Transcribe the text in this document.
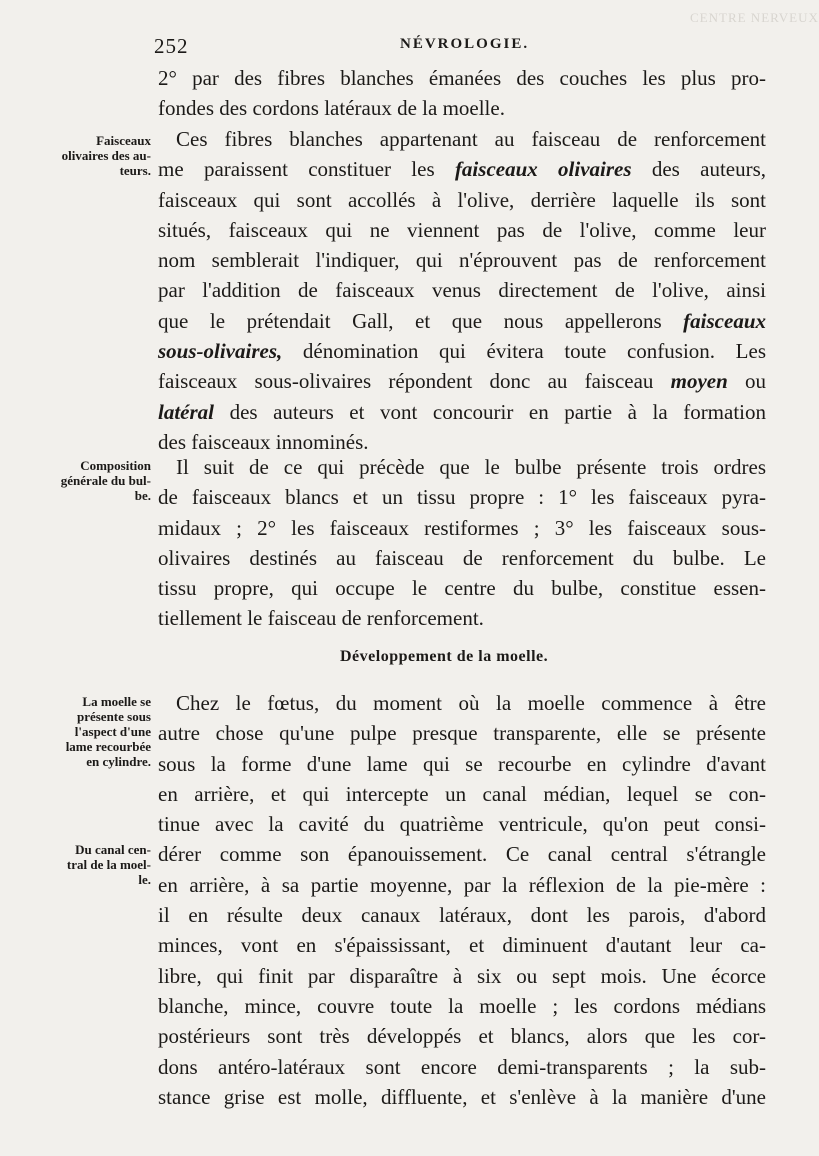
CENTRE NERVEUX
252	NÉVROLOGIE.
Faisceaux
olivaires des au-
teurs.
Composition
générale du bul-
be.
La moelle se
présente sous
l'aspect d'une
lame recourbée
en cylindre.
Du canal cen-
tral de la moel-
le.
2° par des fibres blanches émanées des couches les plus pro-
fondes des cordons latéraux de la moelle.
Ces fibres blanches appartenant au faisceau de renforcement
me paraissent constituer les faisceaux olivaires des auteurs,
faisceaux qui sont accollés à l'olive, derrière laquelle ils sont
situés, faisceaux qui ne viennent pas de l'olive, comme leur
nom semblerait l'indiquer, qui n'éprouvent pas de renforcement
par l'addition de faisceaux venus directement de l'olive, ainsi
que le prétendait Gall, et que nous appellerons faisceaux
sous-olivaires, dénomination qui évitera toute confusion. Les
faisceaux sous-olivaires répondent donc au faisceau moyen ou
latéral des auteurs et vont concourir en partie à la formation
des faisceaux innominés.
Il suit de ce qui précède que le bulbe présente trois ordres
de faisceaux blancs et un tissu propre : 1° les faisceaux pyra-
midaux ; 2° les faisceaux restiformes ; 3° les faisceaux sous-
olivaires destinés au faisceau de renforcement du bulbe. Le
tissu propre, qui occupe le centre du bulbe, constitue essen-
tiellement le faisceau de renforcement.
Développement de la moelle.
Chez le fœtus, du moment où la moelle commence à être
autre chose qu'une pulpe presque transparente, elle se présente
sous la forme d'une lame qui se recourbe en cylindre d'avant
en arrière, et qui intercepte un canal médian, lequel se con-
tinue avec la cavité du quatrième ventricule, qu'on peut consi-
dérer comme son épanouissement. Ce canal central s'étrangle
en arrière, à sa partie moyenne, par la réflexion de la pie-mère :
il en résulte deux canaux latéraux, dont les parois, d'abord
minces, vont en s'épaississant, et diminuent d'autant leur ca-
libre, qui finit par disparaître à six ou sept mois. Une écorce
blanche, mince, couvre toute la moelle ; les cordons médians
postérieurs sont très développés et blancs, alors que les cor-
dons antéro-latéraux sont encore demi-transparents ; la sub-
stance grise est molle, diffluente, et s'enlève à la manière d'une
